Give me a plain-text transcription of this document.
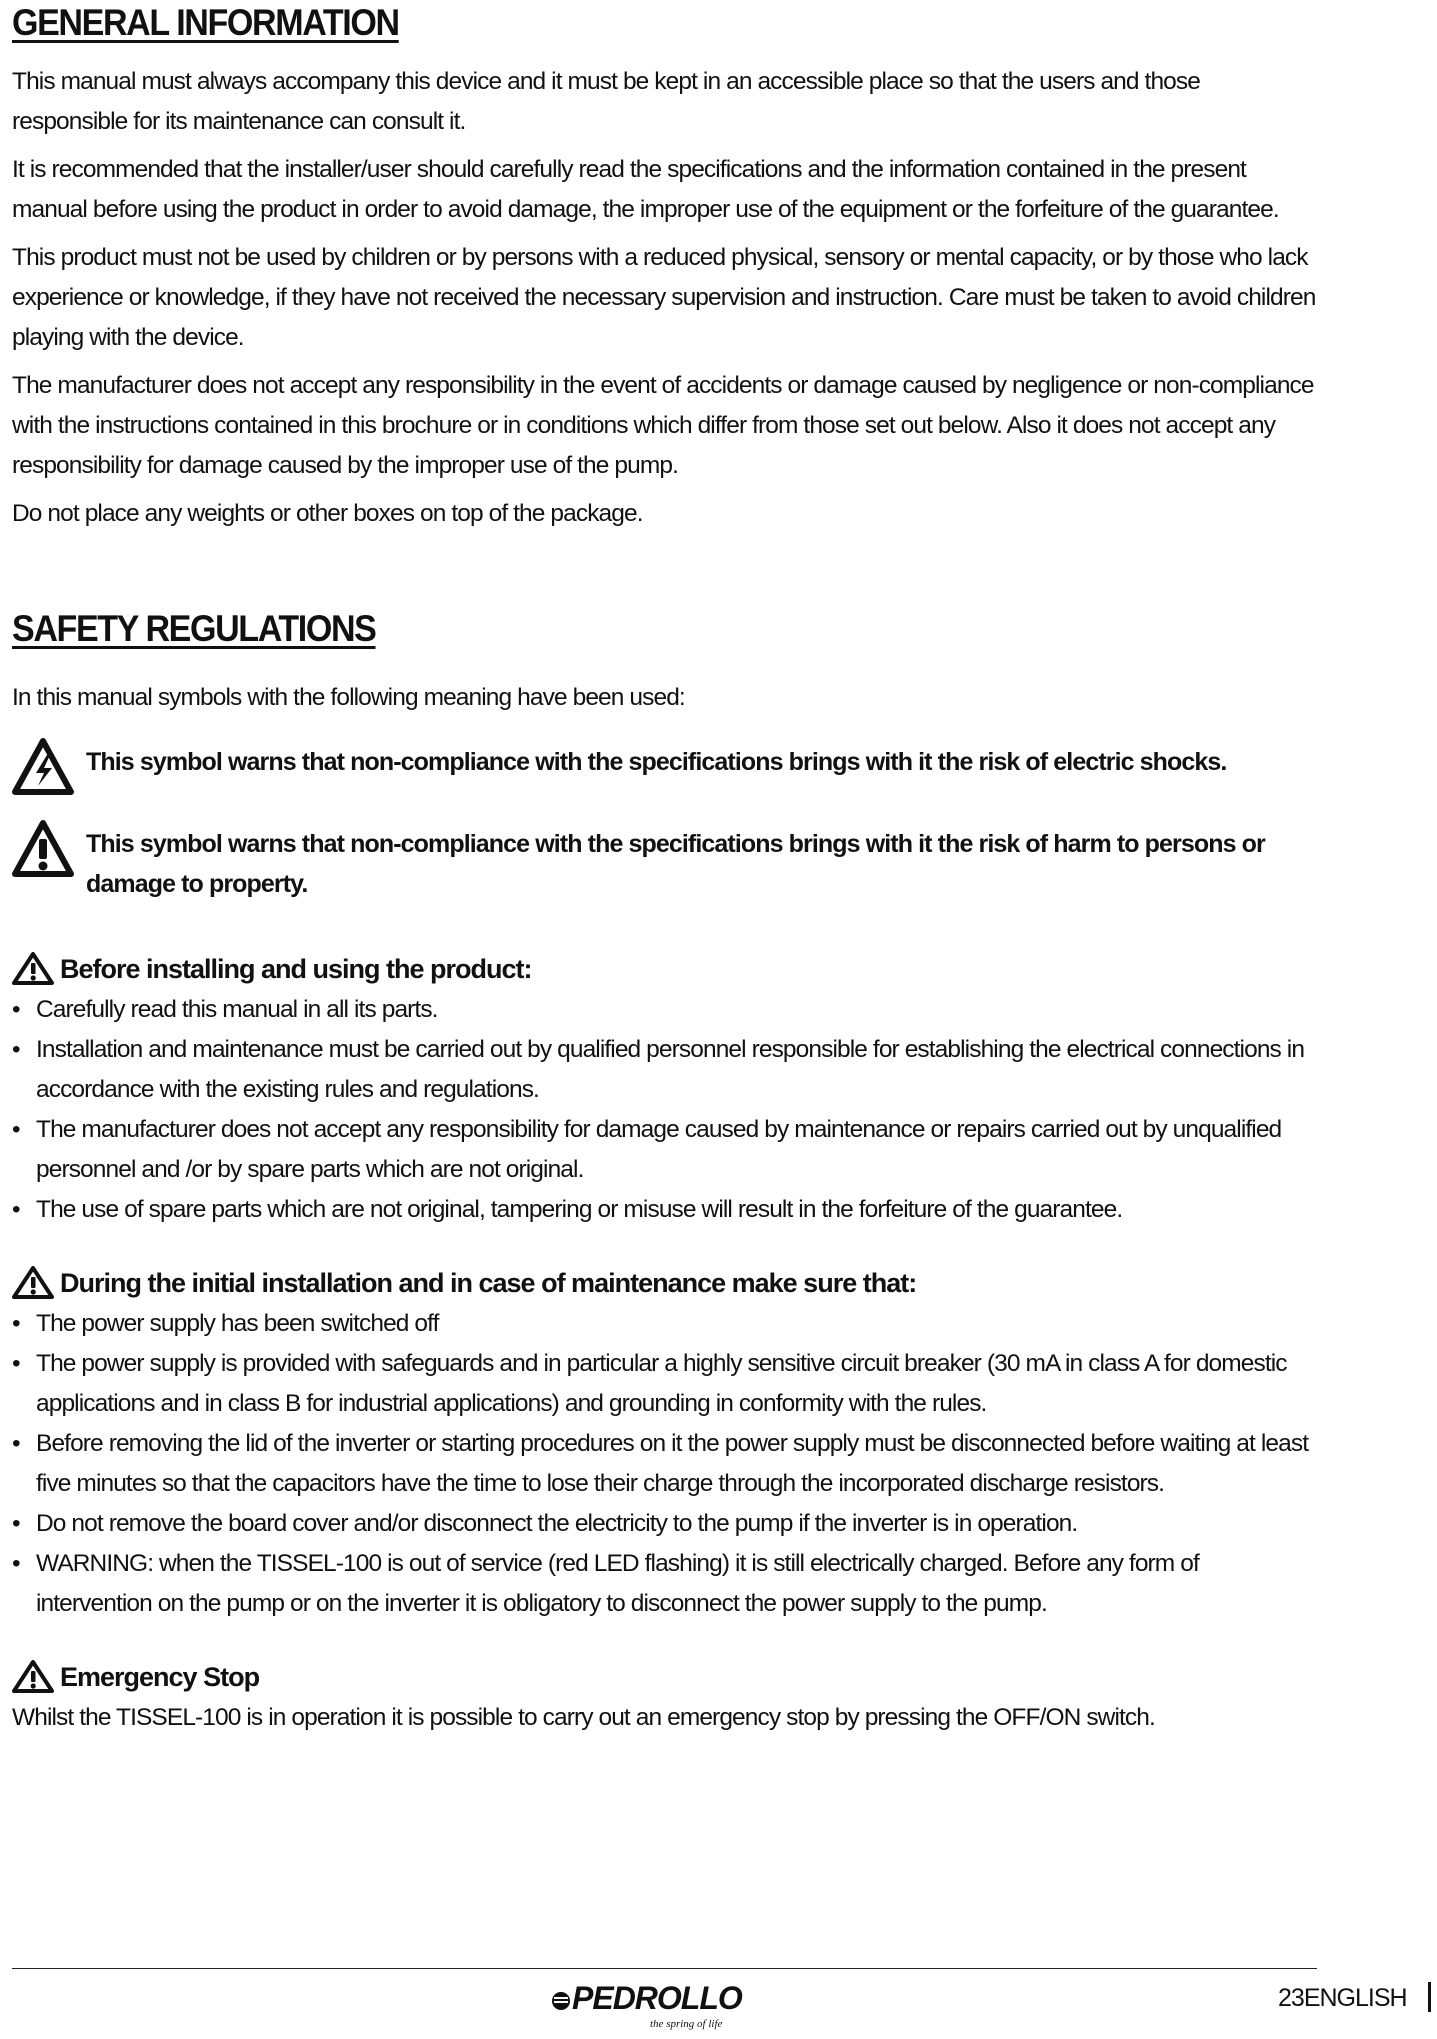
GENERAL INFORMATION

This manual must always accompany this device and it must be kept in an accessible place so that the users and those responsible for its maintenance can consult it.

It is recommended that the installer/user should carefully read the specifications and the information contained in the present manual before using the product in order to avoid damage, the improper use of the equipment or the forfeiture of the guarantee.

This product must not be used by children or by persons with a reduced physical, sensory or mental capacity, or by those who lack experience or knowledge, if they have not received the necessary supervision and instruction. Care must be taken to avoid children playing with the device.

The manufacturer does not accept any responsibility in the event of accidents or damage caused by negligence or non-compliance with the instructions contained in this brochure or in conditions which differ from those set out below. Also it does not accept any responsibility for damage caused by the improper use of the pump.

Do not place any weights or other boxes on top of the package.

SAFETY REGULATIONS

In this manual symbols with the following meaning have been used:

This symbol warns that non-compliance with the specifications brings with it the risk of electric shocks.

This symbol warns that non-compliance with the specifications brings with it the risk of harm to persons or damage to property.

Before installing and using the product:
• Carefully read this manual in all its parts.
• Installation and maintenance must be carried out by qualified personnel responsible for establishing the electrical connections in accordance with the existing rules and regulations.
• The manufacturer does not accept any responsibility for damage caused by maintenance or repairs carried out by unqualified personnel and /or by spare parts which are not original.
• The use of spare parts which are not original, tampering or misuse will result in the forfeiture of the guarantee.
During the initial installation and in case of maintenance make sure that:
• The power supply has been switched off
• The power supply is provided with safeguards and in particular a highly sensitive circuit breaker (30 mA in class A for domestic applications and in class B for industrial applications) and grounding in conformity with the rules.
• Before removing the lid of the inverter or starting procedures on it the power supply must be disconnected before waiting at least five minutes so that the capacitors have the time to lose their charge through the incorporated discharge resistors.
• Do not remove the board cover and/or disconnect the electricity to the pump if the inverter is in operation.
• WARNING: when the TISSEL-100 is out of service (red LED flashing) it is still electrically charged. Before any form of intervention on the pump or on the inverter it is obligatory to disconnect the power supply to the pump.
Emergency Stop

Whilst the TISSEL-100 is in operation it is possible to carry out an emergency stop by pressing the OFF/ON switch.

PEDROLLO
the spring of life
23ENGLISH
